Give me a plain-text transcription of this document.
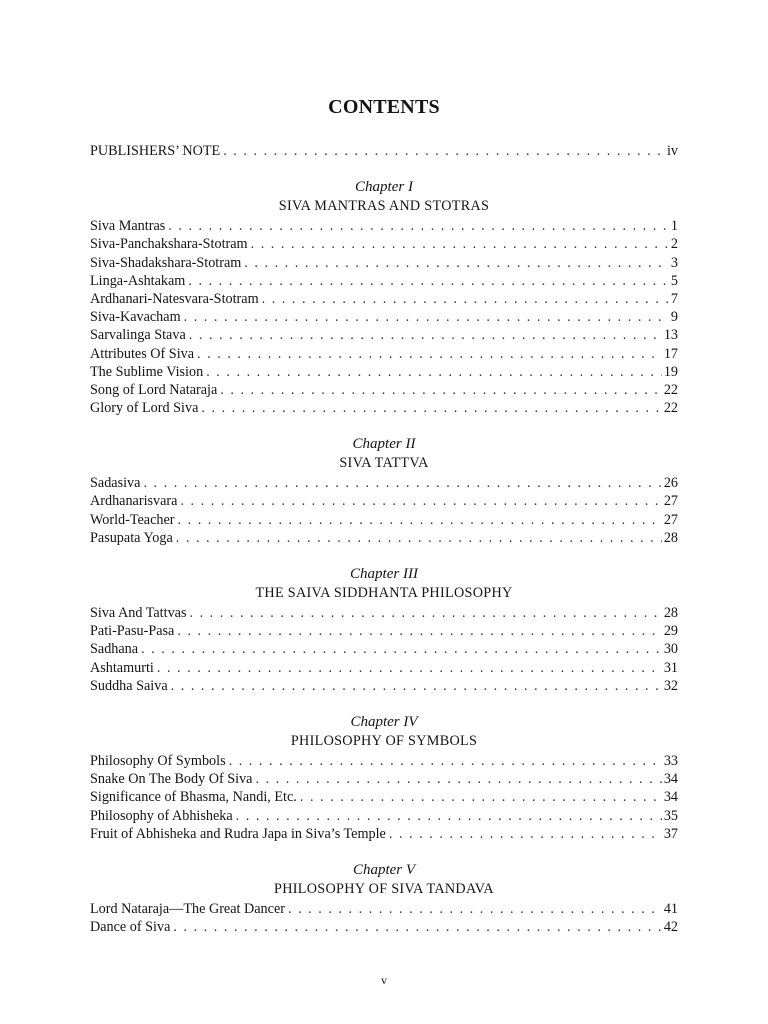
CONTENTS
PUBLISHERS’ NOTE . . .	iv
Chapter I
SIVA MANTRAS AND STOTRAS
Siva Mantras . . .	1
Siva-Panchakshara-Stotram . . .	2
Siva-Shadakshara-Stotram . . .	3
Linga-Ashtakam . . .	5
Ardhanari-Natesvara-Stotram . . .	7
Siva-Kavacham . . .	9
Sarvalinga Stava . . .	13
Attributes Of Siva . . .	17
The Sublime Vision . . .	19
Song of Lord Nataraja . . .	22
Glory of Lord Siva . . .	22
Chapter II
SIVA TATTVA
Sadasiva . . .	26
Ardhanarisvara . . .	27
World-Teacher . . .	27
Pasupata Yoga . . .	28
Chapter III
THE SAIVA SIDDHANTA PHILOSOPHY
Siva And Tattvas . . .	28
Pati-Pasu-Pasa . . .	29
Sadhana . . .	30
Ashtamurti . . .	31
Suddha Saiva . . .	32
Chapter IV
PHILOSOPHY OF SYMBOLS
Philosophy Of Symbols . . .	33
Snake On The Body Of Siva . . .	34
Significance of Bhasma, Nandi, Etc. . . .	34
Philosophy of Abhisheka . . .	35
Fruit of Abhisheka and Rudra Japa in Siva’s Temple . . .	37
Chapter V
PHILOSOPHY OF SIVA TANDAVA
Lord Nataraja—The Great Dancer . . .	41
Dance of Siva . . .	42
v
